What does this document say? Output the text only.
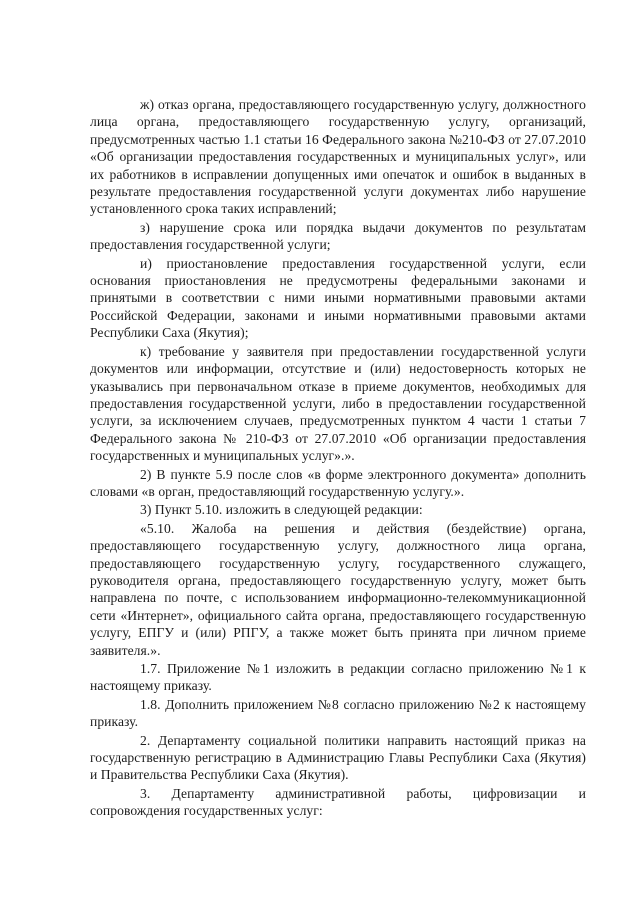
ж) отказ органа, предоставляющего государственную услугу, должностного лица органа, предоставляющего государственную услугу, организаций, предусмотренных частью 1.1 статьи 16 Федерального закона №210-ФЗ от 27.07.2010 «Об организации предоставления государственных и муниципальных услуг», или их работников в исправлении допущенных ими опечаток и ошибок в выданных в результате предоставления государственной услуги документах либо нарушение установленного срока таких исправлений;

з) нарушение срока или порядка выдачи документов по результатам предоставления государственной услуги;

и) приостановление предоставления государственной услуги, если основания приостановления не предусмотрены федеральными законами и принятыми в соответствии с ними иными нормативными правовыми актами Российской Федерации, законами и иными нормативными правовыми актами Республики Саха (Якутия);

к) требование у заявителя при предоставлении государственной услуги документов или информации, отсутствие и (или) недостоверность которых не указывались при первоначальном отказе в приеме документов, необходимых для предоставления государственной услуги, либо в предоставлении государственной услуги, за исключением случаев, предусмотренных пунктом 4 части 1 статьи 7 Федерального закона № 210-ФЗ от 27.07.2010 «Об организации предоставления государственных и муниципальных услуг».».

2) В пункте 5.9 после слов «в форме электронного документа» дополнить словами «в орган, предоставляющий государственную услугу.».

3) Пункт 5.10. изложить в следующей редакции:

«5.10. Жалоба на решения и действия (бездействие) органа, предоставляющего государственную услугу, должностного лица органа, предоставляющего государственную услугу, государственного служащего, руководителя органа, предоставляющего государственную услугу, может быть направлена по почте, с использованием информационно-телекоммуникационной сети «Интернет», официального сайта органа, предоставляющего государственную услугу, ЕПГУ и (или) РПГУ, а также может быть принята при личном приеме заявителя.».

1.7. Приложение №1 изложить в редакции согласно приложению №1 к настоящему приказу.

1.8. Дополнить приложением №8 согласно приложению №2 к настоящему приказу.

2. Департаменту социальной политики направить настоящий приказ на государственную регистрацию в Администрацию Главы Республики Саха (Якутия) и Правительства Республики Саха (Якутия).

3. Департаменту административной работы, цифровизации и сопровождения государственных услуг:
